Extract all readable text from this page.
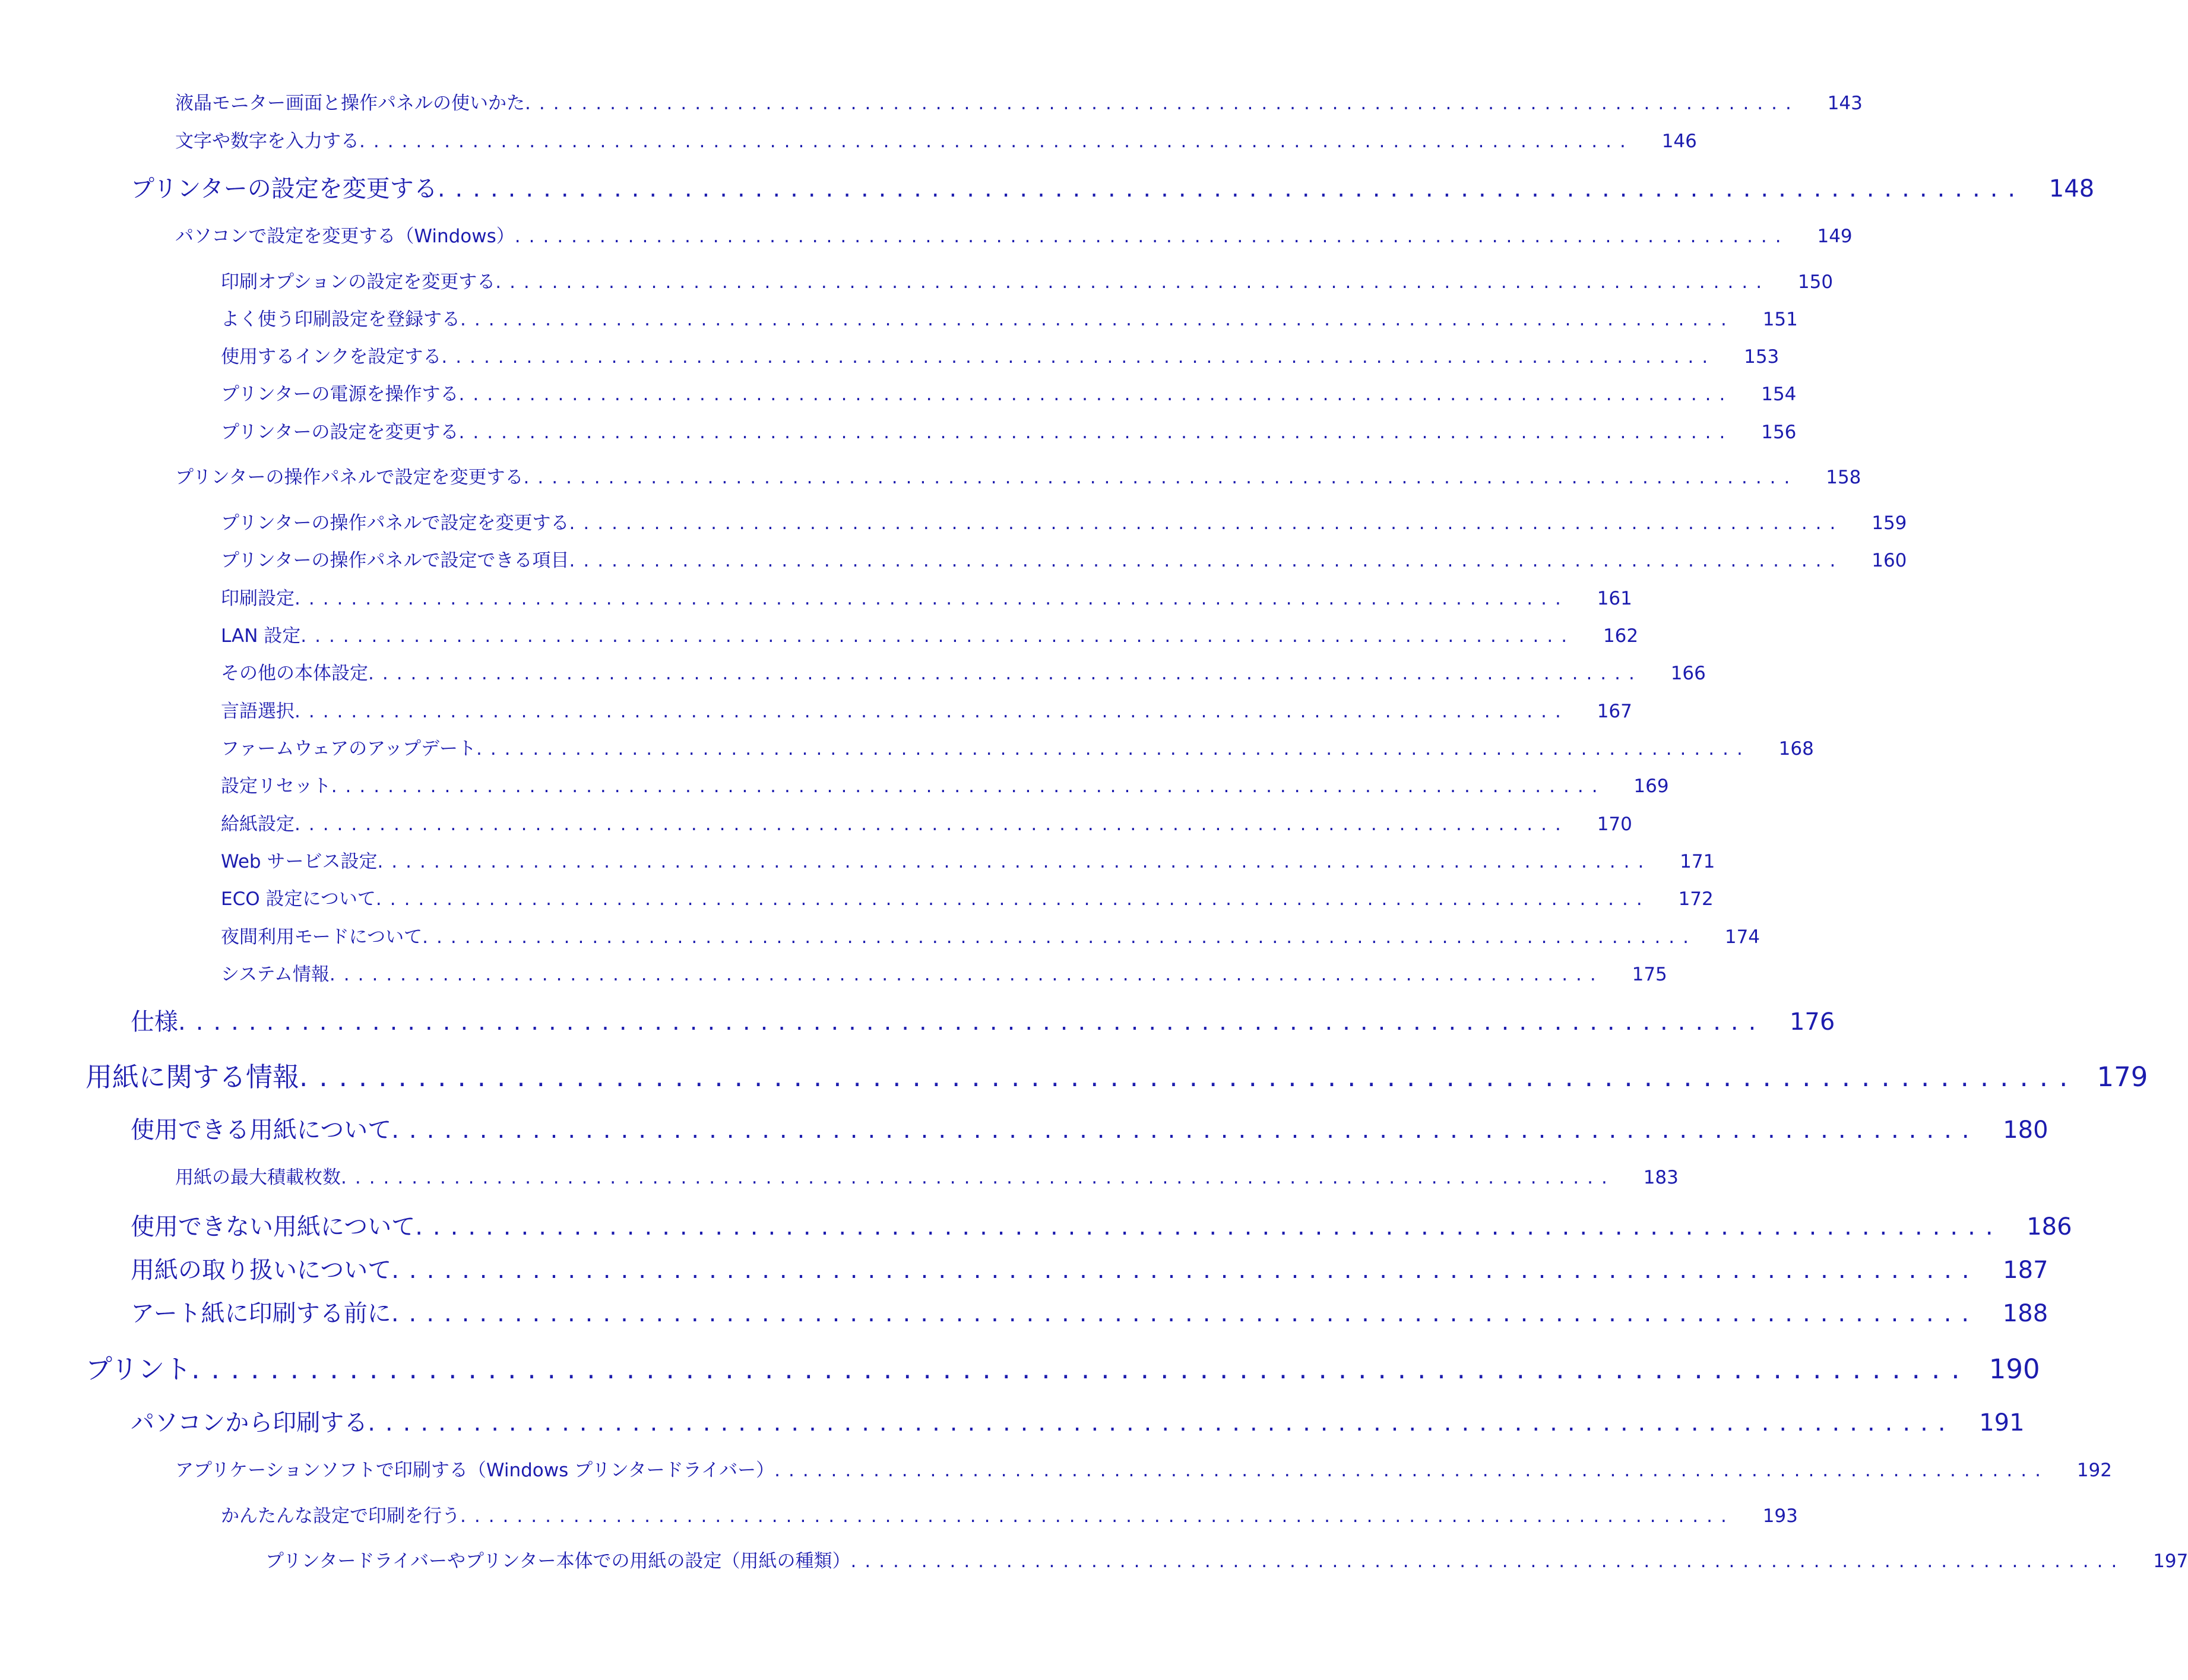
液晶モニター画面と操作パネルの使いかた ..........................................................................................	143
文字や数字を入力する ..........................................................................................	146
プリンターの設定を変更する .......................................................................................... 148
パソコンで設定を変更する（Windows） ..........................................................................................	149
印刷オプションの設定を変更する ..........................................................................................	150
よく使う印刷設定を登録する ..........................................................................................	151
使用するインクを設定する ..........................................................................................	153
プリンターの電源を操作する ..........................................................................................	154
プリンターの設定を変更する ..........................................................................................	156
プリンターの操作パネルで設定を変更する ..........................................................................................	158
プリンターの操作パネルで設定を変更する ..........................................................................................	159
プリンターの操作パネルで設定できる項目 ..........................................................................................	160
印刷設定 ..........................................................................................	161
LAN 設定 ..........................................................................................	162
その他の本体設定 ..........................................................................................	166
言語選択 ..........................................................................................	167
ファームウェアのアップデート ..........................................................................................	168
設定リセット ..........................................................................................	169
給紙設定 ..........................................................................................	170
Web サービス設定 ..........................................................................................	171
ECO 設定について ..........................................................................................	172
夜間利用モードについて ..........................................................................................	174
システム情報 ..........................................................................................	175
仕様 .......................................................................................... 176
用紙に関する情報 .......................................................................................... 179
使用できる用紙について .......................................................................................... 180
用紙の最大積載枚数 ..........................................................................................	183
使用できない用紙について .......................................................................................... 186
用紙の取り扱いについて .......................................................................................... 187
アート紙に印刷する前に .......................................................................................... 188
プリント .......................................................................................... 190
パソコンから印刷する .......................................................................................... 191
アプリケーションソフトで印刷する（Windows プリンタードライバー） ..........................................................................................	192
かんたんな設定で印刷を行う ..........................................................................................	193
プリンタードライバーやプリンター本体での用紙の設定（用紙の種類） ..........................................................................................	197
